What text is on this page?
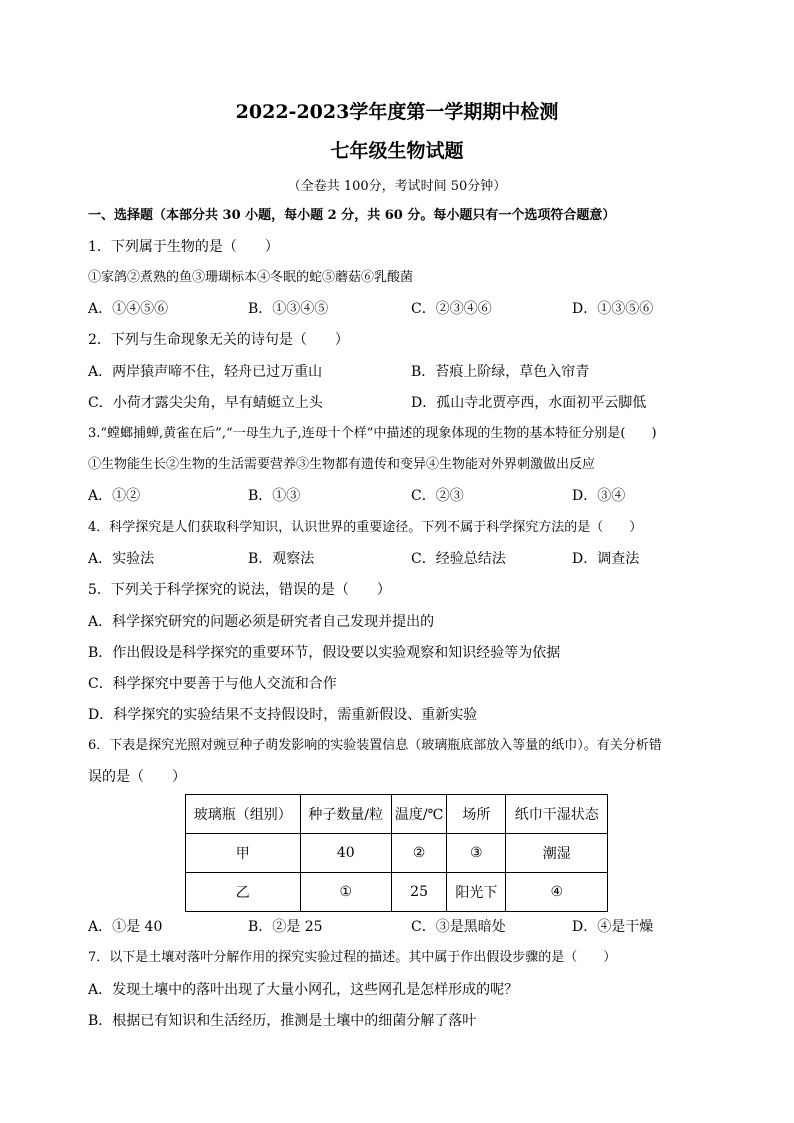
2022-2023学年度第一学期期中检测
七年级生物试题
（全卷共 100分，考试时间 50分钟）
一、选择题（本部分共 30 小题，每小题 2 分，共 60 分。每小题只有一个选项符合题意）
1．下列属于生物的是（　　）
①家鸽②煮熟的鱼③珊瑚标本④冬眠的蛇⑤蘑菇⑥乳酸菌
A．①④⑤⑥	B．①③④⑤	C．②③④⑥	D．①③⑤⑥
2．下列与生命现象无关的诗句是（　　）
A．两岸猿声啼不住，轻舟已过万重山	B．苔痕上阶绿，草色入帘青
C．小荷才露尖尖角，早有蜻蜓立上头	D．孤山寺北贾亭西，水面初平云脚低
3.“螳螂捕蝉,黄雀在后”,“一母生九子,连母十个样”中描述的现象体现的生物的基本特征分别是(　　)
①生物能生长②生物的生活需要营养③生物都有遗传和变异④生物能对外界刺激做出反应
A．①②	B．①③	C．②③	D．③④
4．科学探究是人们获取科学知识，认识世界的重要途径。下列不属于科学探究方法的是（　　）
A．实验法	B．观察法	C．经验总结法	D．调查法
5．下列关于科学探究的说法，错误的是（　　）
A．科学探究研究的问题必须是研究者自己发现并提出的
B．作出假设是科学探究的重要环节，假设要以实验观察和知识经验等为依据
C．科学探究中要善于与他人交流和合作
D．科学探究的实验结果不支持假设时，需重新假设、重新实验
6．下表是探究光照对豌豆种子萌发影响的实验装置信息（玻璃瓶底部放入等量的纸巾）。有关分析错
误的是（　　）
玻璃瓶（组别）	种子数量/粒	温度/℃	场所	纸巾干湿状态
甲	40	②	③	潮湿
乙	①	25	阳光下	④
A．①是 40	B．②是 25	C．③是黑暗处	D．④是干燥
7．以下是土壤对落叶分解作用的探究实验过程的描述。其中属于作出假设步骤的是（　　）
A．发现土壤中的落叶出现了大量小网孔，这些网孔是怎样形成的呢？
B．根据已有知识和生活经历，推测是土壤中的细菌分解了落叶
